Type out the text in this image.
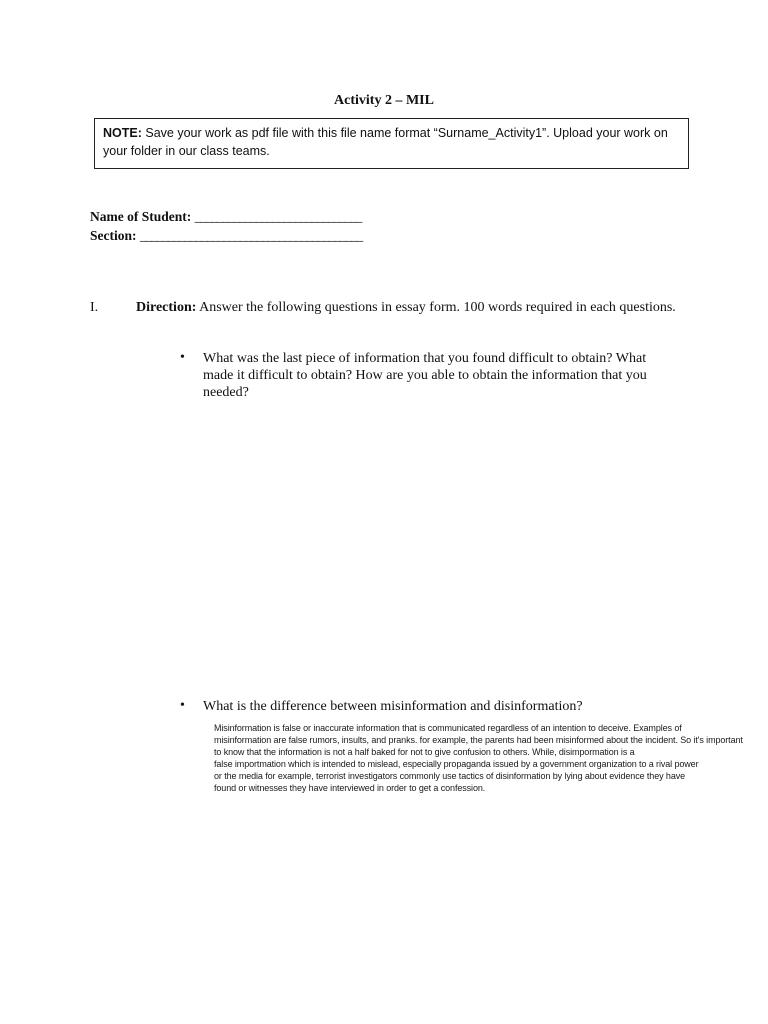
Activity 2 – MIL
NOTE: Save your work as pdf file with this file name format “Surname_Activity1”. Upload your work on your folder in our class teams.
Name of Student: ______________________________
Section: ________________________________________
I.	Direction: Answer the following questions in essay form. 100 words required in each questions.
• What was the last piece of information that you found difficult to obtain? What made it difficult to obtain? How are you able to obtain the information that you needed?
• What is the difference between misinformation and disinformation?
Misinformation is false or inaccurate information that is communicated regardless of an intention to deceive. Examples of
misinformation are false rumors, insults, and pranks. for example, the parents had been misinformed about the incident. So it's important
to know that the information is not a half baked for not to give confusion to others. While, disimpormation is a
false importmation which is intended to mislead, especially propaganda issued by a government organization to a rival power
or the media for example, terrorist investigators commonly use tactics of disinformation by lying about evidence they have
found or witnesses they have interviewed in order to get a confession.
